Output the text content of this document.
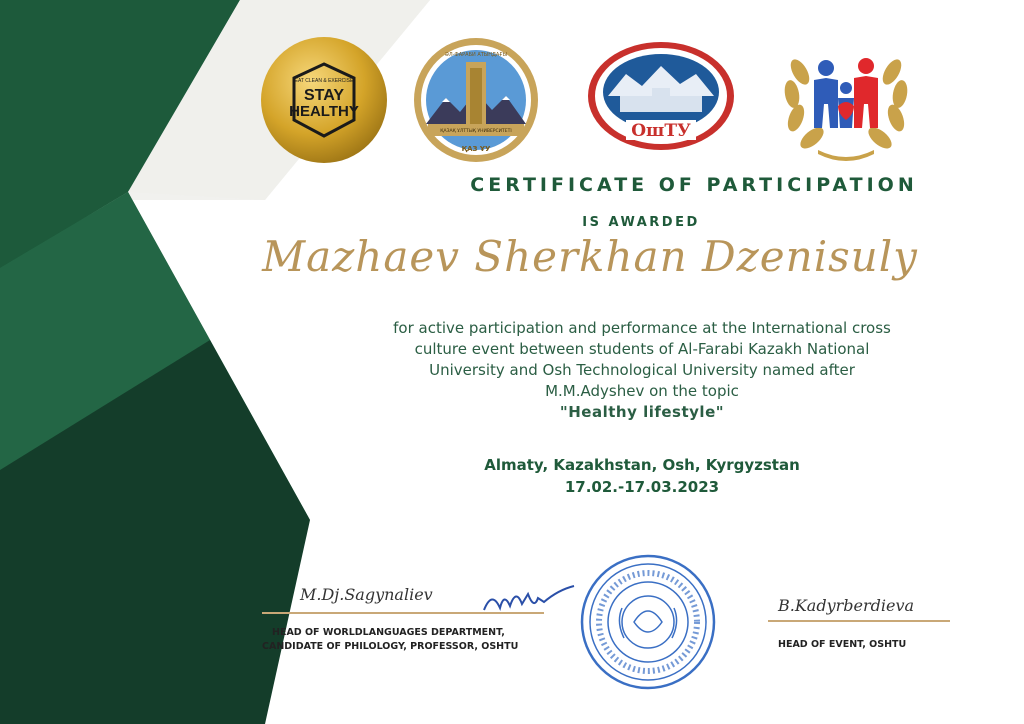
EAT CLEAN & EXERCISE
STAY
HEALTHY
ӘЛ-ФАРАБИ АТЫНДАҒЫ
ҚАЗАҚ ҰЛТТЫҚ УНИВЕРСИТЕТІ
ҚАЗ ҰУ
ОшТУ
CERTIFICATE OF PARTICIPATION
IS AWARDED
Mazhaev Sherkhan Dzenisuly
for active participation and performance at the International cross
culture event between students of Al-Farabi Kazakh National
University and Osh Technological University named after
M.M.Adyshev on the topic
"Healthy lifestyle"
Almaty, Kazakhstan, Osh, Kyrgyzstan
17.02.-17.03.2023
M.Dj.Sagynaliev
HEAD OF WORLDLANGUAGES DEPARTMENT,
CANDIDATE OF PHILOLOGY, PROFESSOR, OSHTU
B.Kadyrberdieva
HEAD OF EVENT, OSHTU
